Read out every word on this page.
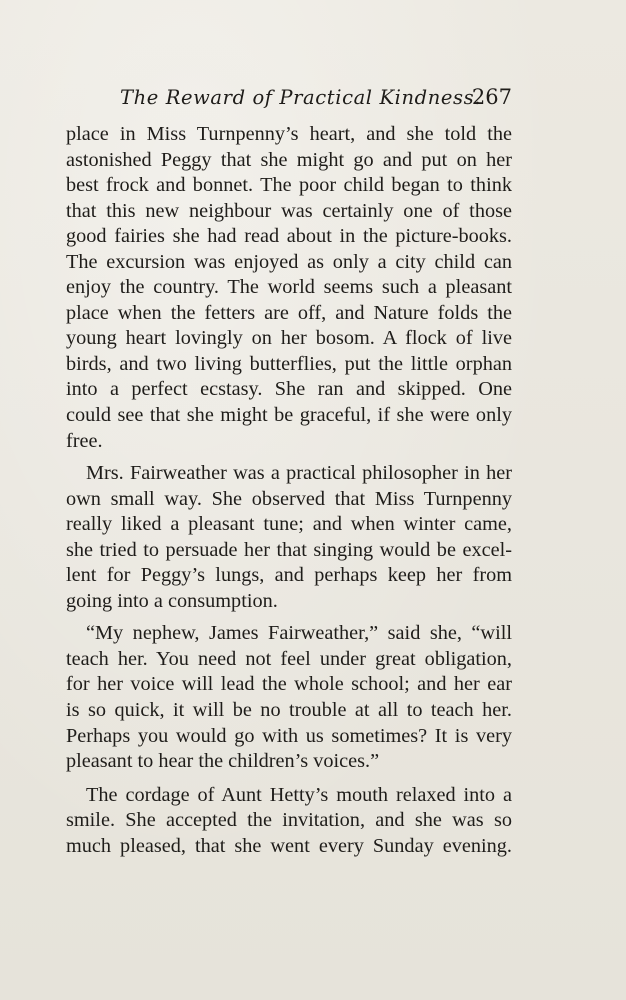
The Reward of Practical Kindness.
267
place in Miss Turnpenny’s heart, and she told the
astonished Peggy that she might go and put on her
best frock and bonnet. The poor child began to think
that this new neighbour was certainly one of those
good fairies she had read about in the picture-books.
The excursion was enjoyed as only a city child can
enjoy the country. The world seems such a pleasant
place when the fetters are off, and Nature folds the
young heart lovingly on her bosom. A flock of live
birds, and two living butterflies, put the little orphan
into a perfect ecstasy. She ran and skipped. One
could see that she might be graceful, if she were only
free.
Mrs. Fairweather was a practical philosopher in her
own small way. She observed that Miss Turnpenny
really liked a pleasant tune; and when winter came,
she tried to persuade her that singing would be excel-
lent for Peggy’s lungs, and perhaps keep her from
going into a consumption.
“My nephew, James Fairweather,” said she, “will
teach her. You need not feel under great obligation,
for her voice will lead the whole school; and her ear
is so quick, it will be no trouble at all to teach her.
Perhaps you would go with us sometimes? It is very
pleasant to hear the children’s voices.”
The cordage of Aunt Hetty’s mouth relaxed into a
smile. She accepted the invitation, and she was so
much pleased, that she went every Sunday evening.
